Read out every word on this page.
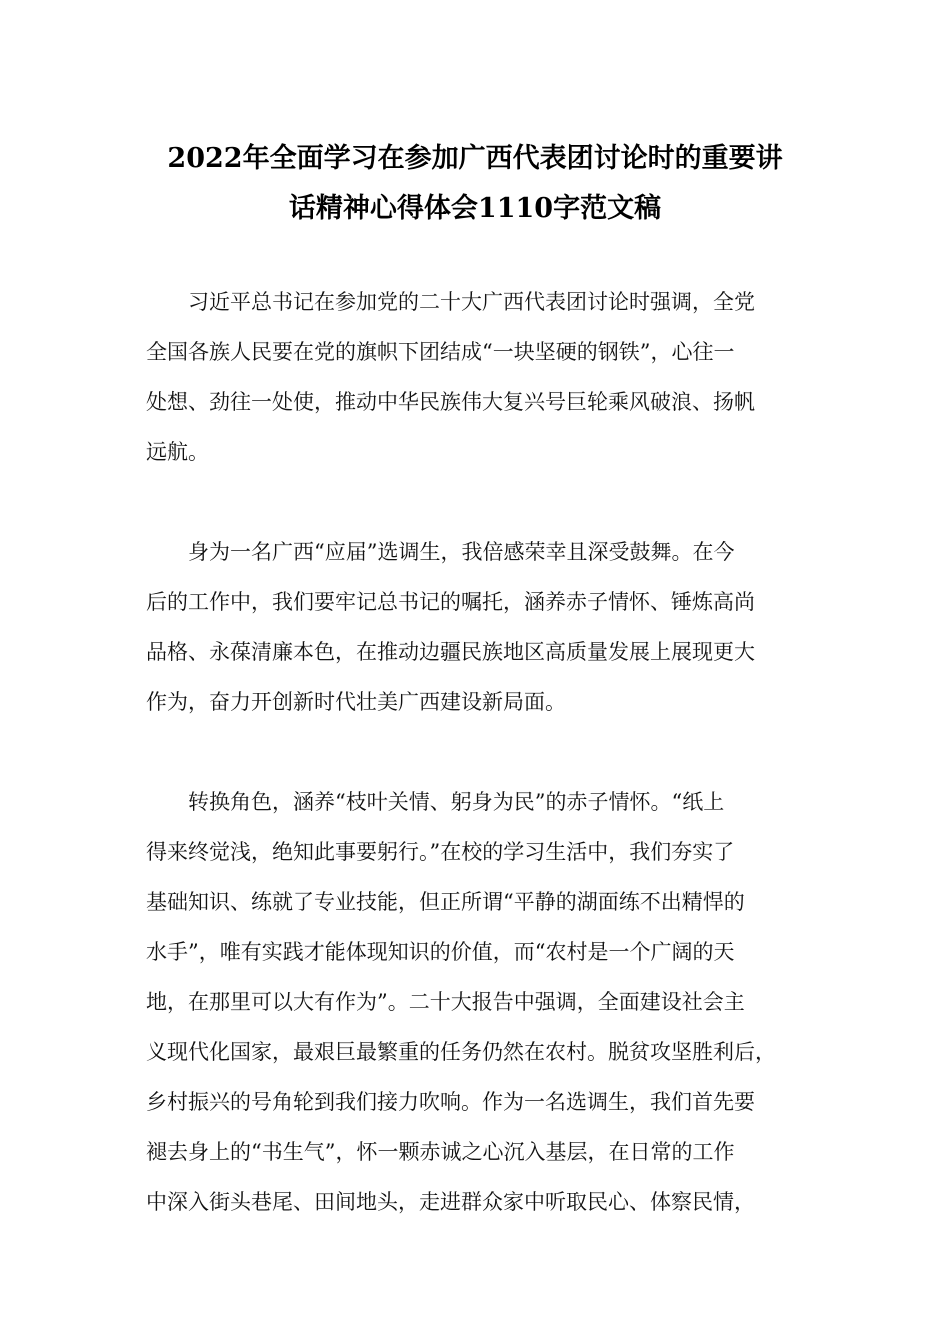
2022年全面学习在参加广西代表团讨论时的重要讲
话精神心得体会1110字范文稿
　　习近平总书记在参加党的二十大广西代表团讨论时强调，全党
全国各族人民要在党的旗帜下团结成“一块坚硬的钢铁”，心往一
处想、劲往一处使，推动中华民族伟大复兴号巨轮乘风破浪、扬帆
远航。
　　身为一名广西“应届”选调生，我倍感荣幸且深受鼓舞。在今
后的工作中，我们要牢记总书记的嘱托，涵养赤子情怀、锤炼高尚
品格、永葆清廉本色，在推动边疆民族地区高质量发展上展现更大
作为，奋力开创新时代壮美广西建设新局面。
　　转换角色，涵养“枝叶关情、躬身为民”的赤子情怀。“纸上
得来终觉浅，绝知此事要躬行。”在校的学习生活中，我们夯实了
基础知识、练就了专业技能，但正所谓“平静的湖面练不出精悍的
水手”，唯有实践才能体现知识的价值，而“农村是一个广阔的天
地，在那里可以大有作为”。二十大报告中强调，全面建设社会主
义现代化国家，最艰巨最繁重的任务仍然在农村。脱贫攻坚胜利后，
乡村振兴的号角轮到我们接力吹响。作为一名选调生，我们首先要
褪去身上的“书生气”，怀一颗赤诚之心沉入基层，在日常的工作
中深入街头巷尾、田间地头，走进群众家中听取民心、体察民情，
